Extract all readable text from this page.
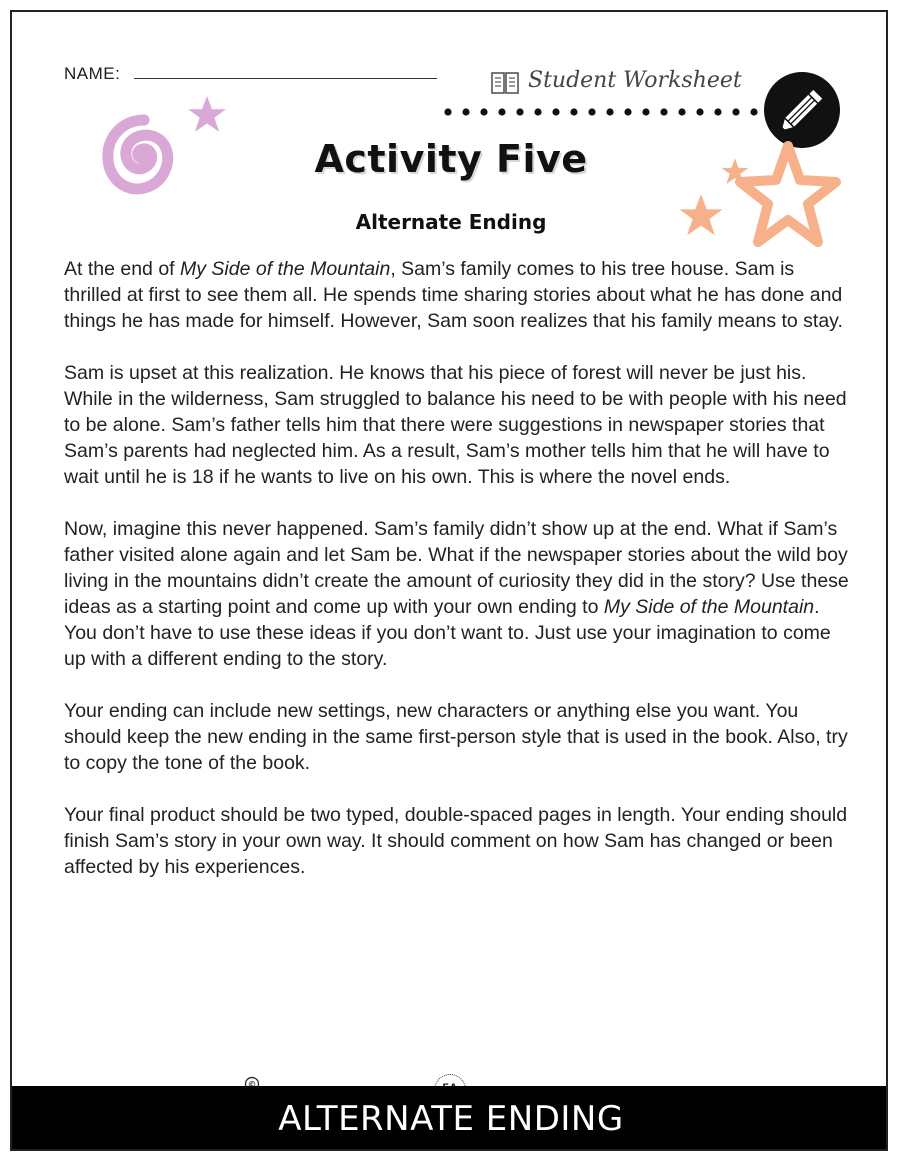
NAME:	Student Worksheet
Activity Five
Alternate Ending

At the end of My Side of the Mountain, Sam’s family comes to his tree house. Sam is thrilled at first to see them all. He spends time sharing stories about what he has done and things he has made for himself. However, Sam soon realizes that his family means to stay.

Sam is upset at this realization. He knows that his piece of forest will never be just his. While in the wilderness, Sam struggled to balance his need to be with people with his need to be alone. Sam’s father tells him that there were suggestions in newspaper stories that Sam’s parents had neglected him. As a result, Sam’s mother tells him that he will have to wait until he is 18 if he wants to live on his own. This is where the novel ends.

Now, imagine this never happened. Sam’s family didn’t show up at the end. What if Sam’s father visited alone again and let Sam be. What if the newspaper stories about the wild boy living in the mountains didn’t create the amount of curiosity they did in the story? Use these ideas as a starting point and come up with your own ending to My Side of the Mountain. You don’t have to use these ideas if you don’t want to. Just use your imagination to come up with a different ending to the story.

Your ending can include new settings, new characters or anything else you want. You should keep the new ending in the same first-person style that is used in the book. Also, try to copy the tone of the book.

Your final product should be two typed, double-spaced pages in length. Your ending should finish Sam’s story in your own way. It should comment on how Sam has changed or been affected by his experiences.

ALTERNATE ENDING
